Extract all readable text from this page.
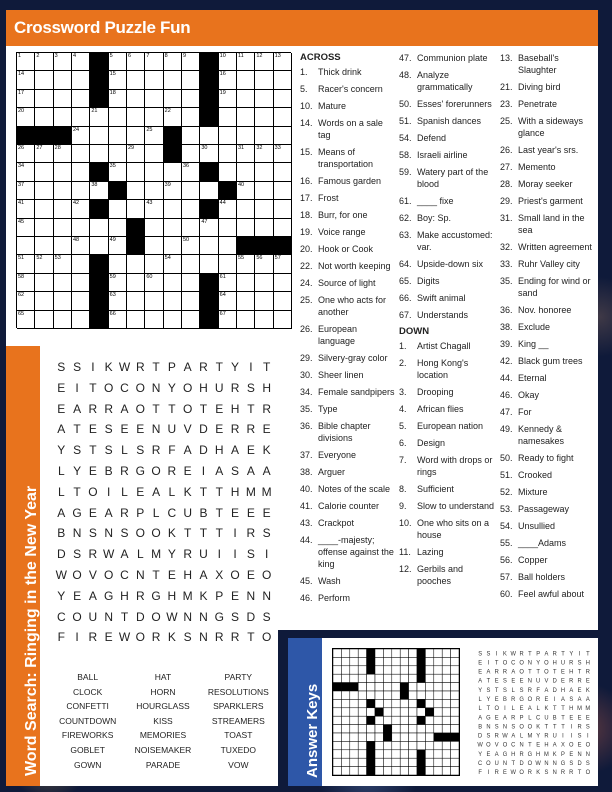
Crossword Puzzle Fun
1	2	3	4	5	6	7	8	9	10 11 12 13
14	15	16
17	18	19
20	21	22
24	25
26 27 28	29	30	31 32 33
34	35	36
37	38	39	40
41	42	43	44
45	47
48	49	50
51 52 53	54	55 56 57
58	59	60	61
62	63	64
65	66	67
ACROSS
1.	Thick drink
5.	Racer's concern
10. Mature
14. Words on a sale tag
15. Means of transportation
16. Famous garden
17. Frost
18. Burr, for one
19. Voice range
20. Hook or Cook
22. Not worth keeping
24. Source of light
25. One who acts for another
26. European language
29. Silvery-gray color
30. Sheer linen
34. Female sandpipers
35. Type
36. Bible chapter divisions
37. Everyone
38. Arguer
40. Notes of the scale
41. Calorie counter
43. Crackpot
44. ____-majesty; offense against the king
45. Wash
46. Perform
47. Communion plate
48. Analyze grammatically
50. Esses' forerunners
51. Spanish dances
54. Defend
58. Israeli airline
59. Watery part of the blood
61. ____ fixe
62. Boy: Sp.
63. Make accustomed: var.
64. Upside-down six
65. Digits
66. Swift animal
67. Understands
DOWN
1.	Artist Chagall
2.	Hong Kong's location
3.	Drooping
4.	African flies
5.	European nation
6.	Design
7.	Word with drops or rings
8.	Sufficient
9.	Slow to understand
10. One who sits on a house
11. Lazing
12. Gerbils and pooches
13. Baseball's Slaughter
21. Diving bird
23. Penetrate
25. With a sideways glance
26. Last year's srs.
27. Memento
28. Moray seeker
29. Priest's garment
31. Small land in the sea
32. Written agreement
33. Ruhr Valley city
35. Ending for wind or sand
36. Nov. honoree
38. Exclude
39. King __
42. Black gum trees
44. Eternal
46. Okay
47. For
49. Kennedy & namesakes
50. Ready to fight
51. Crooked
52. Mixture
53. Passageway
54. Unsullied
55. ____Adams
56. Copper
57. Ball holders
60. Feel awful about
Word Search: Ringing in the New Year
S S I K W R T P A R T Y I T
E I T O C O N Y O H U R S H
E A R R A O T T O T E H T R
A T E S E E N U V D E R R E
Y S T S L S R F A D H A E K
L Y E B R G O R E I A S A A
L T O I L E A L K T T H M M
A G E A R P L C U B T E E E
B N S N S O O K T T T I R S
D S R W A L M Y R U I	I S I
W O V O C N T E H A X O E O
Y E A G H R G H M K P E N N
C O U N T D O W N N G S D S
F I R E W O R K S N R R T O
BALL	HAT	PARTY
CLOCK	HORN	RESOLUTIONS
CONFETTI	HOURGLASS	SPARKLERS
COUNTDOWN	KISS	STREAMERS
FIREWORKS	MEMORIES	TOAST
GOBLET	NOISEMAKER	TUXEDO
GOWN	PARADE	VOW	Answer Keys
S S I K W R T P A R T Y I T
E I T O C O N Y O H U R S H
E A R R A O T T O T E H T R
A T E S E E N U V D E R R E
Y S T S L S R F A D H A E K
L Y E B R G O R E I A S A A
L T O I L E A L K T T H M M
A G E A R P L C U B T E E E
B N S N S O O K T T T I R S
D S R W A L M Y R U I I S I
W O V O C N T E H A X O E O
Y E A G H R G H M K P E N N
C O U N T D O W N N G S D S
F I R E W O R K S N R R T O
